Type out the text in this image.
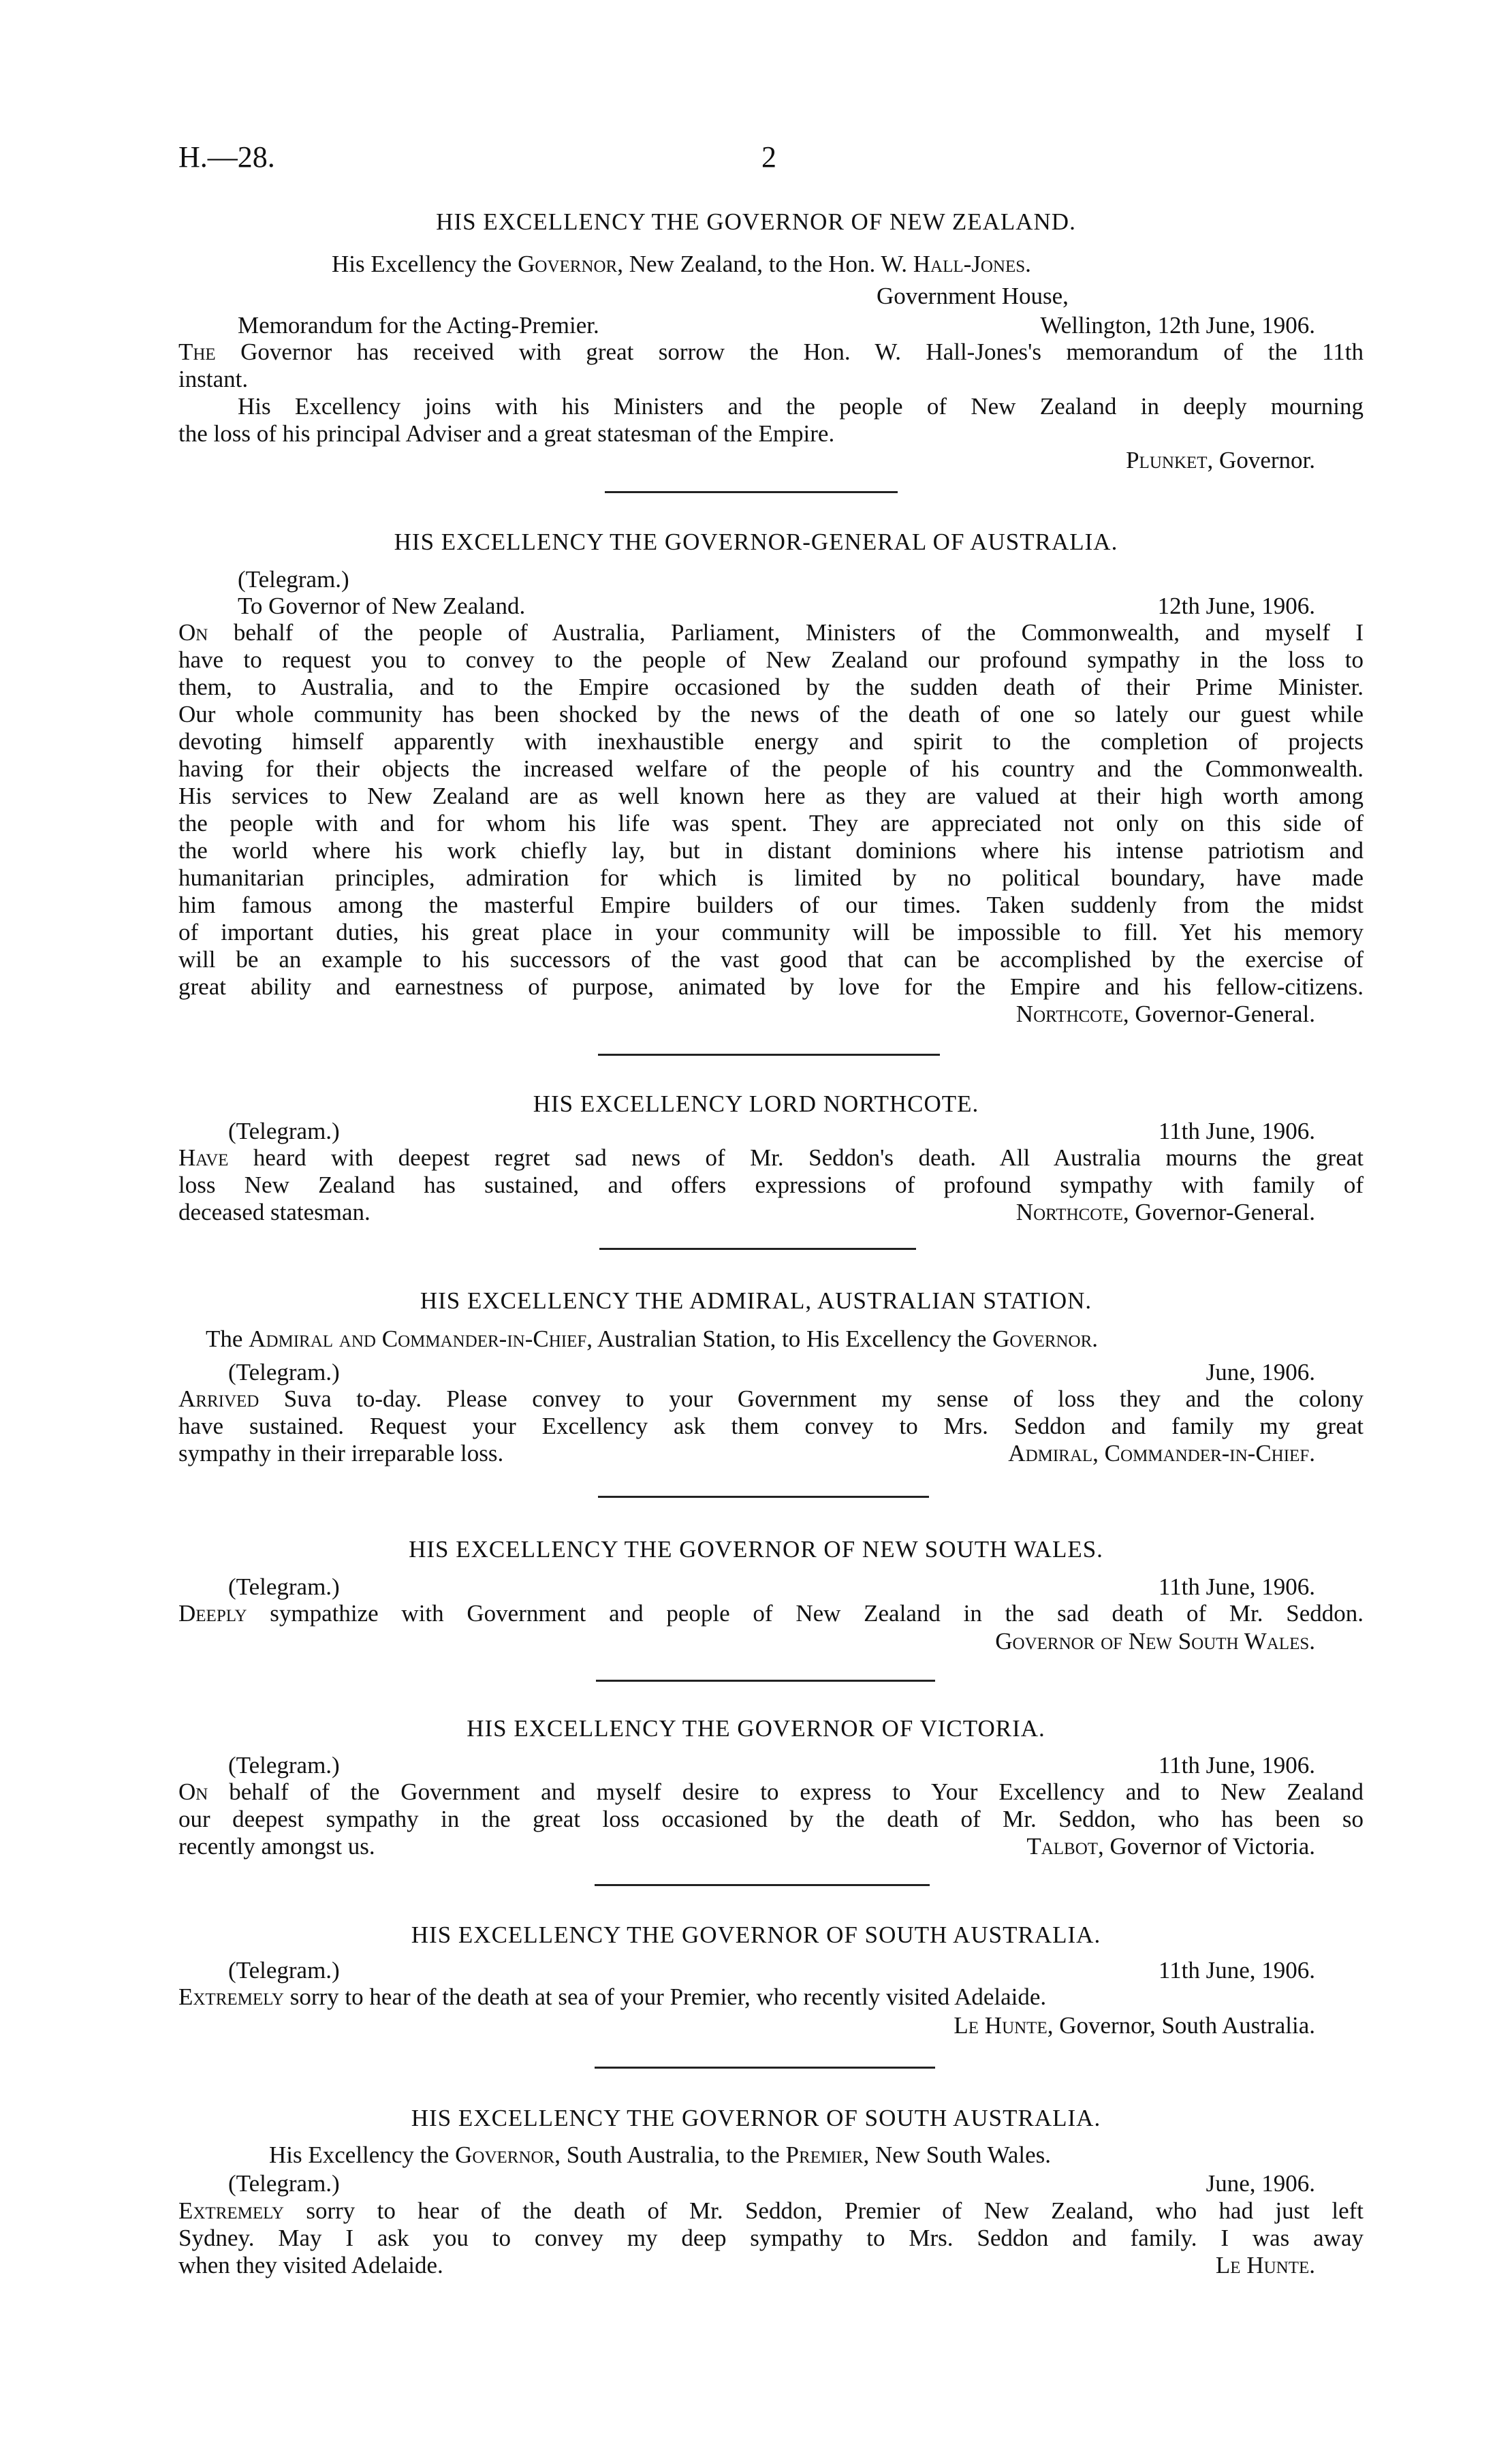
H.—28.	2

HIS EXCELLENCY THE GOVERNOR OF NEW ZEALAND.

His Excellency the Governor, New Zealand, to the Hon. W. Hall-Jones.

Government House,

Memorandum for the Acting-Premier.	Wellington, 12th June, 1906.

The Governor has received with great sorrow the Hon. W. Hall-Jones's memorandum of the 11th

instant.

His Excellency joins with his Ministers and the people of New Zealand in deeply mourning

the loss of his principal Adviser and a great statesman of the Empire.

Plunket, Governor.

HIS EXCELLENCY THE GOVERNOR-GENERAL OF AUSTRALIA.

(Telegram.)

To Governor of New Zealand.	12th June, 1906.

On behalf of the people of Australia, Parliament, Ministers of the Commonwealth, and myself I

have to request you to convey to the people of New Zealand our profound sympathy in the loss to

them, to Australia, and to the Empire occasioned by the sudden death of their Prime Minister.

Our whole community has been shocked by the news of the death of one so lately our guest while

devoting himself apparently with inexhaustible energy and spirit to the completion of projects

having for their objects the increased welfare of the people of his country and the Commonwealth.

His services to New Zealand are as well known here as they are valued at their high worth among

the people with and for whom his life was spent. They are appreciated not only on this side of

the world where his work chiefly lay, but in distant dominions where his intense patriotism and

humanitarian principles, admiration for which is limited by no political boundary, have made

him famous among the masterful Empire builders of our times. Taken suddenly from the midst

of important duties, his great place in your community will be impossible to fill. Yet his memory

will be an example to his successors of the vast good that can be accomplished by the exercise of

great ability and earnestness of purpose, animated by love for the Empire and his fellow-citizens.

Northcote, Governor-General.

HIS EXCELLENCY LORD NORTHCOTE.

(Telegram.)	11th June, 1906.

Have heard with deepest regret sad news of Mr. Seddon's death. All Australia mourns the great

loss New Zealand has sustained, and offers expressions of profound sympathy with family of

deceased statesman.	Northcote, Governor-General.

HIS EXCELLENCY THE ADMIRAL, AUSTRALIAN STATION.

The Admiral and Commander-in-Chief, Australian Station, to His Excellency the Governor.

(Telegram.)	June, 1906.

Arrived Suva to-day. Please convey to your Government my sense of loss they and the colony

have sustained. Request your Excellency ask them convey to Mrs. Seddon and family my great

sympathy in their irreparable loss.	Admiral, Commander-in-Chief.

HIS EXCELLENCY THE GOVERNOR OF NEW SOUTH WALES.

(Telegram.)	11th June, 1906.

Deeply sympathize with Government and people of New Zealand in the sad death of Mr. Seddon.

Governor of New South Wales.

HIS EXCELLENCY THE GOVERNOR OF VICTORIA.

(Telegram.)	11th June, 1906.

On behalf of the Government and myself desire to express to Your Excellency and to New Zealand

our deepest sympathy in the great loss occasioned by the death of Mr. Seddon, who has been so

recently amongst us.	Talbot, Governor of Victoria.

HIS EXCELLENCY THE GOVERNOR OF SOUTH AUSTRALIA.

(Telegram.)	11th June, 1906.

Extremely sorry to hear of the death at sea of your Premier, who recently visited Adelaide.

Le Hunte, Governor, South Australia.

HIS EXCELLENCY THE GOVERNOR OF SOUTH AUSTRALIA.

His Excellency the Governor, South Australia, to the Premier, New South Wales.

(Telegram.)	June, 1906.

Extremely sorry to hear of the death of Mr. Seddon, Premier of New Zealand, who had just left

Sydney. May I ask you to convey my deep sympathy to Mrs. Seddon and family. I was away

when they visited Adelaide.	Le Hunte.
